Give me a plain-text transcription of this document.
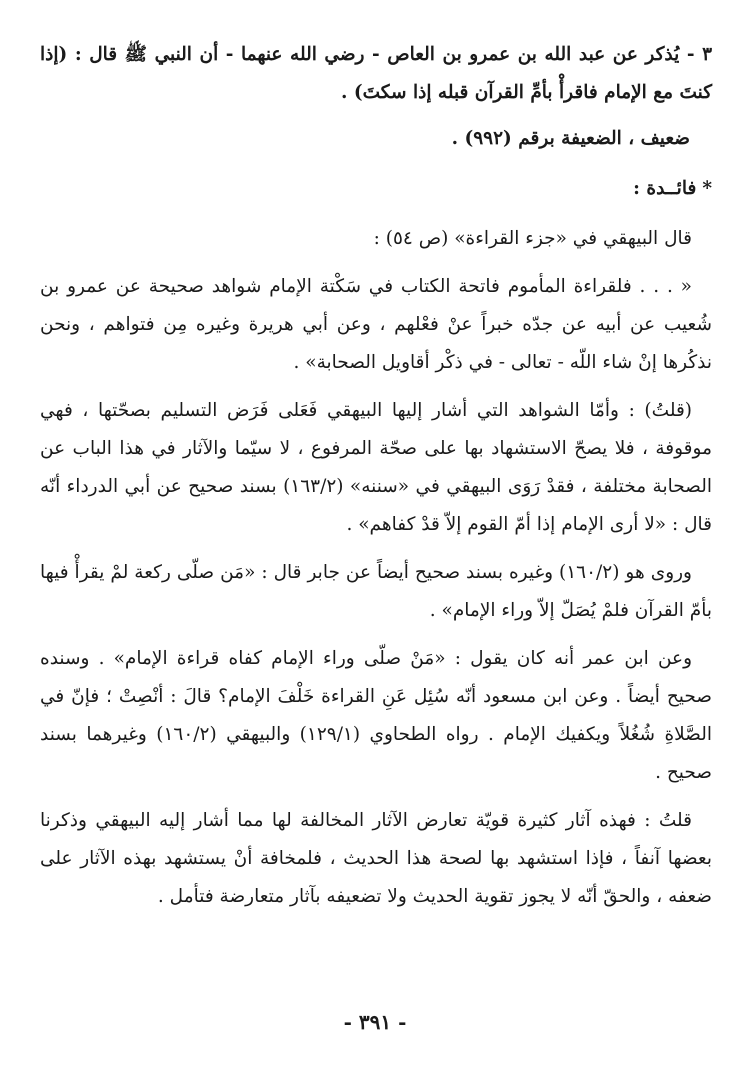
٣ - يُذكر عن عبد الله بن عمرو بن العاص - رضي الله عنهما - أن النبي ﷺ قال : (إذا كنتَ مع الإمام فاقرأْ بأمِّ القرآن قبله إذا سكتَ) .

ضعيف ، الضعيفة برقم (٩٩٢) .

*فائــدة :

قال البيهقي في «جزء القراءة» (ص ٥٤) :

« . . . فلقراءة المأموم فاتحة الكتاب في سَكْتة الإمام شواهد صحيحة عن عمرو بن شُعيب عن أبيه عن جدّه خبراً عنْ فعْلهم ، وعن أبي هريرة وغيره مِن فتواهم ، ونحن نذكُرها إنْ شاء اللّه - تعالى - في ذكْر أقاويل الصحابة» .

(قلتُ) : وأمّا الشواهد التي أشار إليها البيهقي فَعَلى فَرَض التسليم بصحّتها ، فهي موقوفة ، فلا يصحّ الاستشهاد بها على صحّة المرفوع ، لا سيّما والآثار في هذا الباب عن الصحابة مختلفة ، فقدْ رَوَى البيهقي في «سننه» (١٦٣/٢) بسند صحيح عن أبي الدرداء أنّه قال : «لا أرى الإمام إذا أمّ القوم إلاّ قدْ كفاهم» .

وروى هو (١٦٠/٢) وغيره بسند صحيح أيضاً عن جابر قال : «مَن صلّى ركعة لمْ يقرأْ فيها بأمّ القرآن فلمْ يُصَلّ إلاّ وراء الإمام» .

وعن ابن عمر أنه كان يقول : «مَنْ صلّى وراء الإمام كفاه قراءة الإمام» . وسنده صحيح أيضاً . وعن ابن مسعود أنّه سُئِل عَنِ القراءة خَلْفَ الإمام؟ قالَ : أنْصِتْ ؛ فإنّ في الصَّلاةِ شُغُلاً ويكفيك الإمام . رواه الطحاوي (١٢٩/١) والبيهقي (١٦٠/٢) وغيرهما بسند صحيح .

قلتُ : فهذه آثار كثيرة قويّة تعارض الآثار المخالفة لها مما أشار إليه البيهقي وذكرنا بعضها آنفاً ، فإذا استشهد بها لصحة هذا الحديث ، فلمخافة أنْ يستشهد بهذه الآثار على ضعفه ، والحقّ أنّه لا يجوز تقوية الحديث ولا تضعيفه بآثار متعارضة فتأمل .

- ٣٩١ -
